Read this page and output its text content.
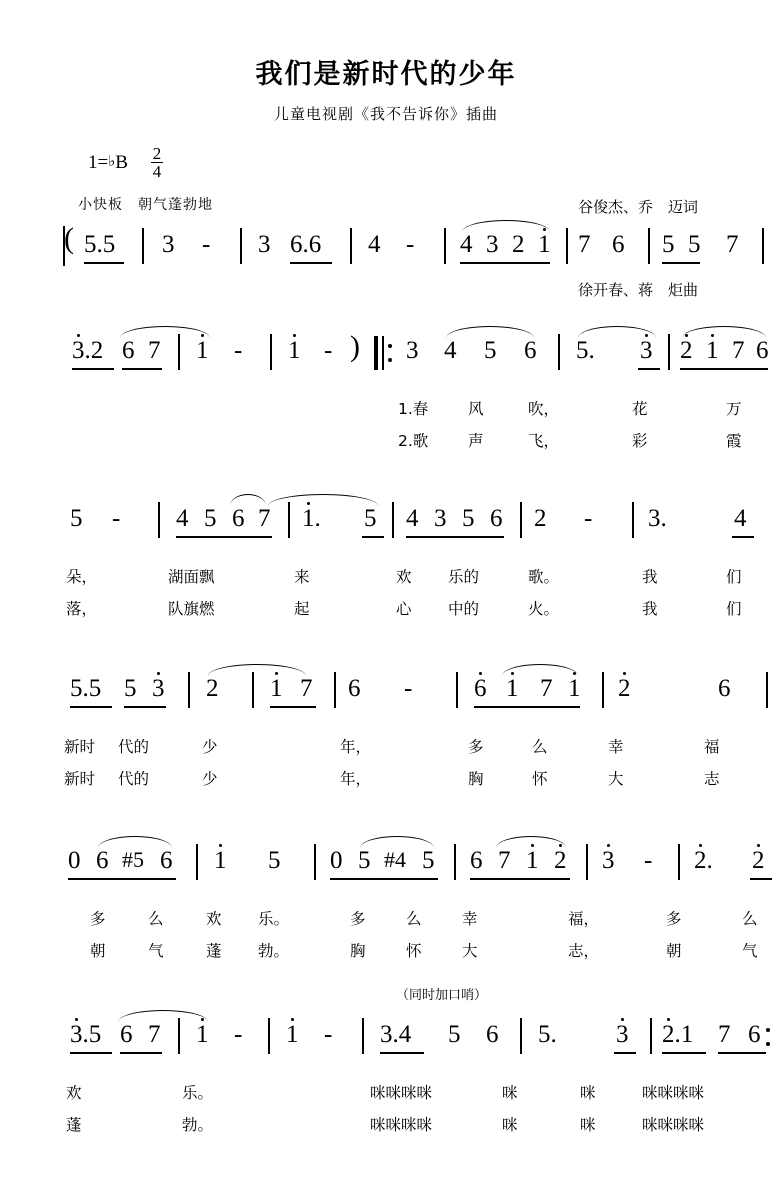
我们是新时代的少年
儿童电视剧《我不告诉你》插曲
1=♭B $\frac{2}{4}$

谷俊杰、乔　迈词

徐开春、蒋　炬曲

小快板　朝气蓬勃地
( 5.5 3 - 3 6.6 4 - 4 3 2 1 7 6 5 5 7
3.2 6 7 1 - 1 - ) 3 4 5 6 5. 3 2 1 7 6
1.春	风	吹，	花	万
2.歌	声	飞，	彩	霞
5 - 4 5 6 7 1. 5 4 3 5 6 2 - 3.	4
朵，	湖面飘	来	欢 乐的	歌。	我	们
落，	队旗燃	起	心 中的	火。	我	们
5.5 5 3 2 1 7 6 - 6 1 7 1 2	6
新时 代的	少	年，	多	么	幸	福
新时 代的	少	年，	胸	怀	大	志
0 6 #5 6 1 5 0 5 #4 5 6 7 1 2 3 - 2. 2
多	么	欢 乐。	多	么	幸	福，	多	么
朝	气	蓬 勃。	胸	怀	大	志，	朝	气
（同时加口哨）
3.5 6 7 1 - 1 - 3.4 5 6 5. 3 2.1 7 6
欢	乐。	咪咪咪咪	咪	咪	咪咪咪咪
蓬	勃。	咪咪咪咪	咪	咪	咪咪咪咪
